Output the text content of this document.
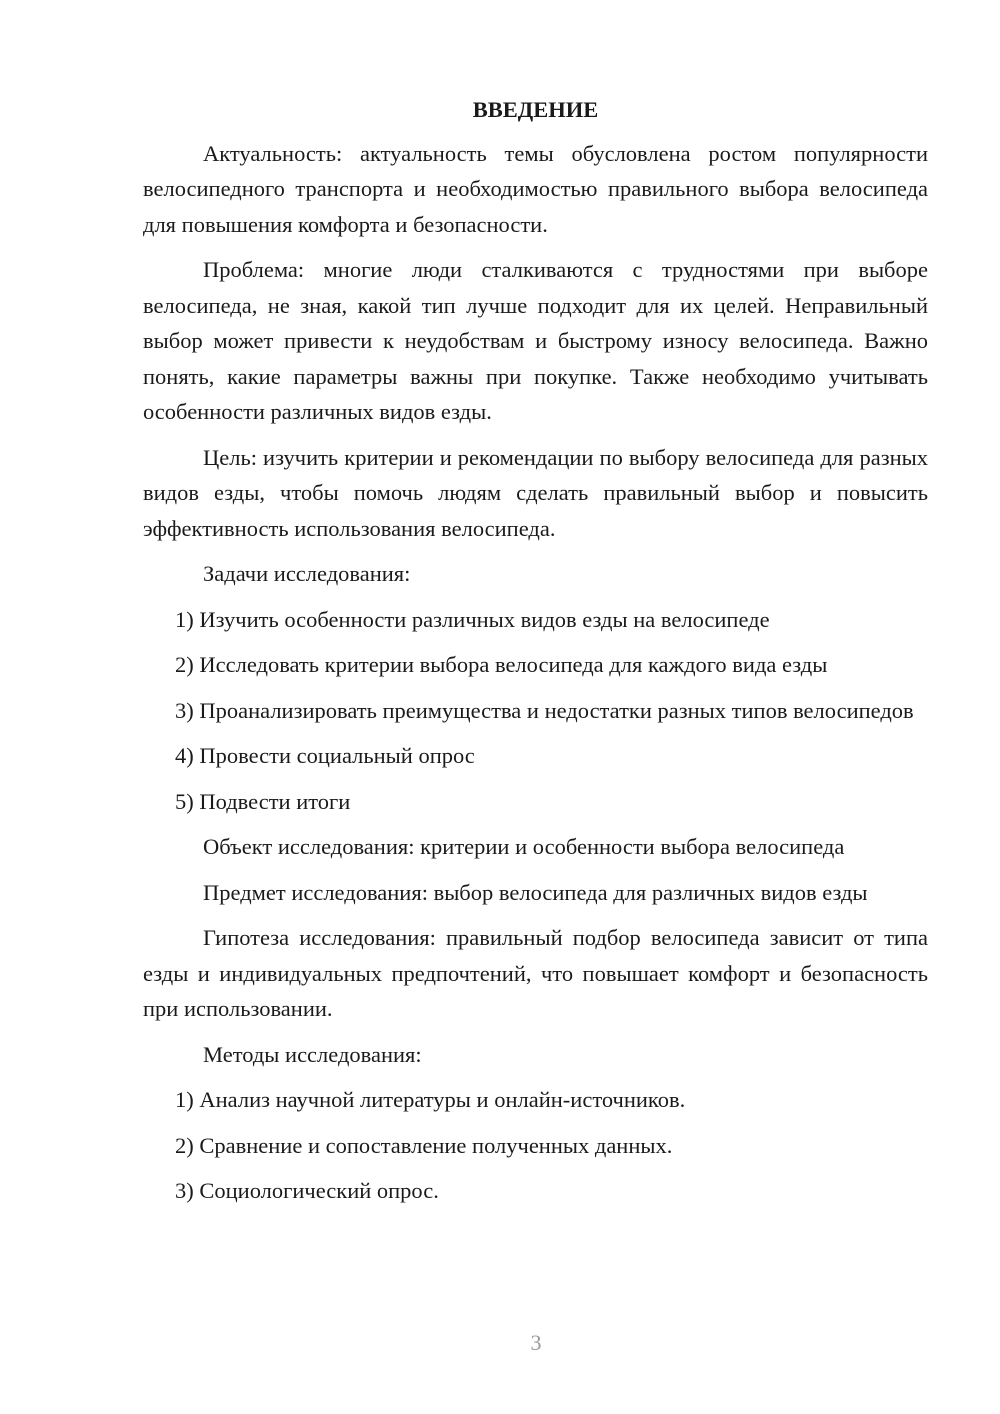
ВВЕДЕНИЕ

Актуальность: актуальность темы обусловлена ростом популярности велосипедного транспорта и необходимостью правильного выбора велосипеда для повышения комфорта и безопасности.

Проблема: многие люди сталкиваются с трудностями при выборе велосипеда, не зная, какой тип лучше подходит для их целей. Неправильный выбор может привести к неудобствам и быстрому износу велосипеда. Важно понять, какие параметры важны при покупке. Также необходимо учитывать особенности различных видов езды.

Цель: изучить критерии и рекомендации по выбору велосипеда для разных видов езды, чтобы помочь людям сделать правильный выбор и повысить эффективность использования велосипеда.

Задачи исследования:

1) Изучить особенности различных видов езды на велосипеде

2) Исследовать критерии выбора велосипеда для каждого вида езды

3) Проанализировать преимущества и недостатки разных типов велосипедов

4) Провести социальный опрос

5) Подвести итоги

Объект исследования: критерии и особенности выбора велосипеда

Предмет исследования: выбор велосипеда для различных видов езды

Гипотеза исследования: правильный подбор велосипеда зависит от типа езды и индивидуальных предпочтений, что повышает комфорт и безопасность при использовании.

Методы исследования:

1) Анализ научной литературы и онлайн-источников.

2) Сравнение и сопоставление полученных данных.

3) Социологический опрос.

3
